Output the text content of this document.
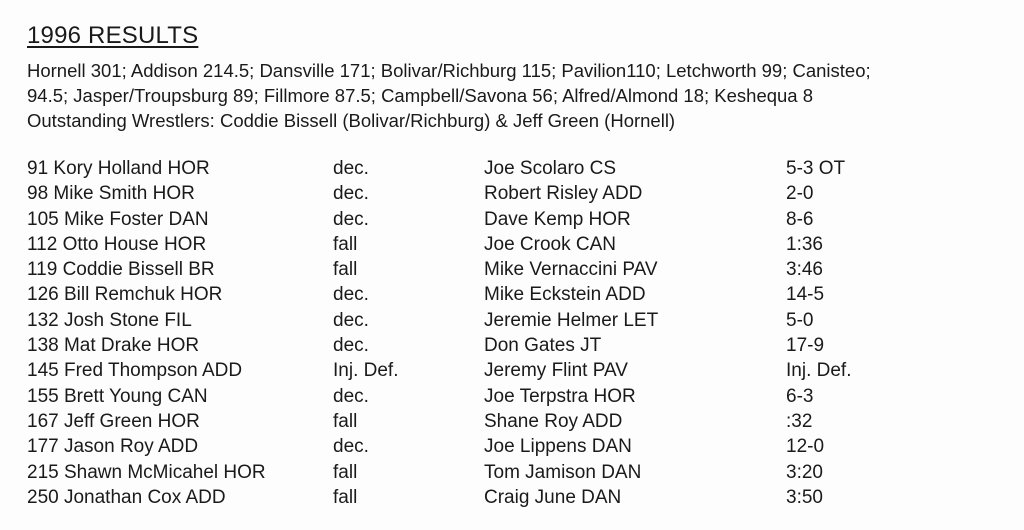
1996 RESULTS
Hornell 301; Addison 214.5; Dansville 171; Bolivar/Richburg 115; Pavilion110; Letchworth 99; Canisteo;
94.5; Jasper/Troupsburg 89; Fillmore 87.5; Campbell/Savona 56; Alfred/Almond 18; Keshequa 8
Outstanding Wrestlers: Coddie Bissell (Bolivar/Richburg) & Jeff Green (Hornell)
91 Kory Holland HOR	dec.	Joe Scolaro CS	5-3 OT
98 Mike Smith HOR	dec.	Robert Risley ADD	2-0
105 Mike Foster DAN	dec.	Dave Kemp HOR	8-6
112 Otto House HOR	fall	Joe Crook CAN	1:36
119 Coddie Bissell BR	fall	Mike Vernaccini PAV	3:46
126 Bill Remchuk HOR	dec.	Mike Eckstein ADD	14-5
132 Josh Stone FIL	dec.	Jeremie Helmer LET	5-0
138 Mat Drake HOR	dec.	Don Gates JT	17-9
145 Fred Thompson ADD	Inj. Def.	Jeremy Flint PAV	Inj. Def.
155 Brett Young CAN	dec.	Joe Terpstra HOR	6-3
167 Jeff Green HOR	fall	Shane Roy ADD	:32
177 Jason Roy ADD	dec.	Joe Lippens DAN	12-0
215 Shawn McMicahel HOR	fall	Tom Jamison DAN	3:20
250 Jonathan Cox ADD	fall	Craig June DAN	3:50
